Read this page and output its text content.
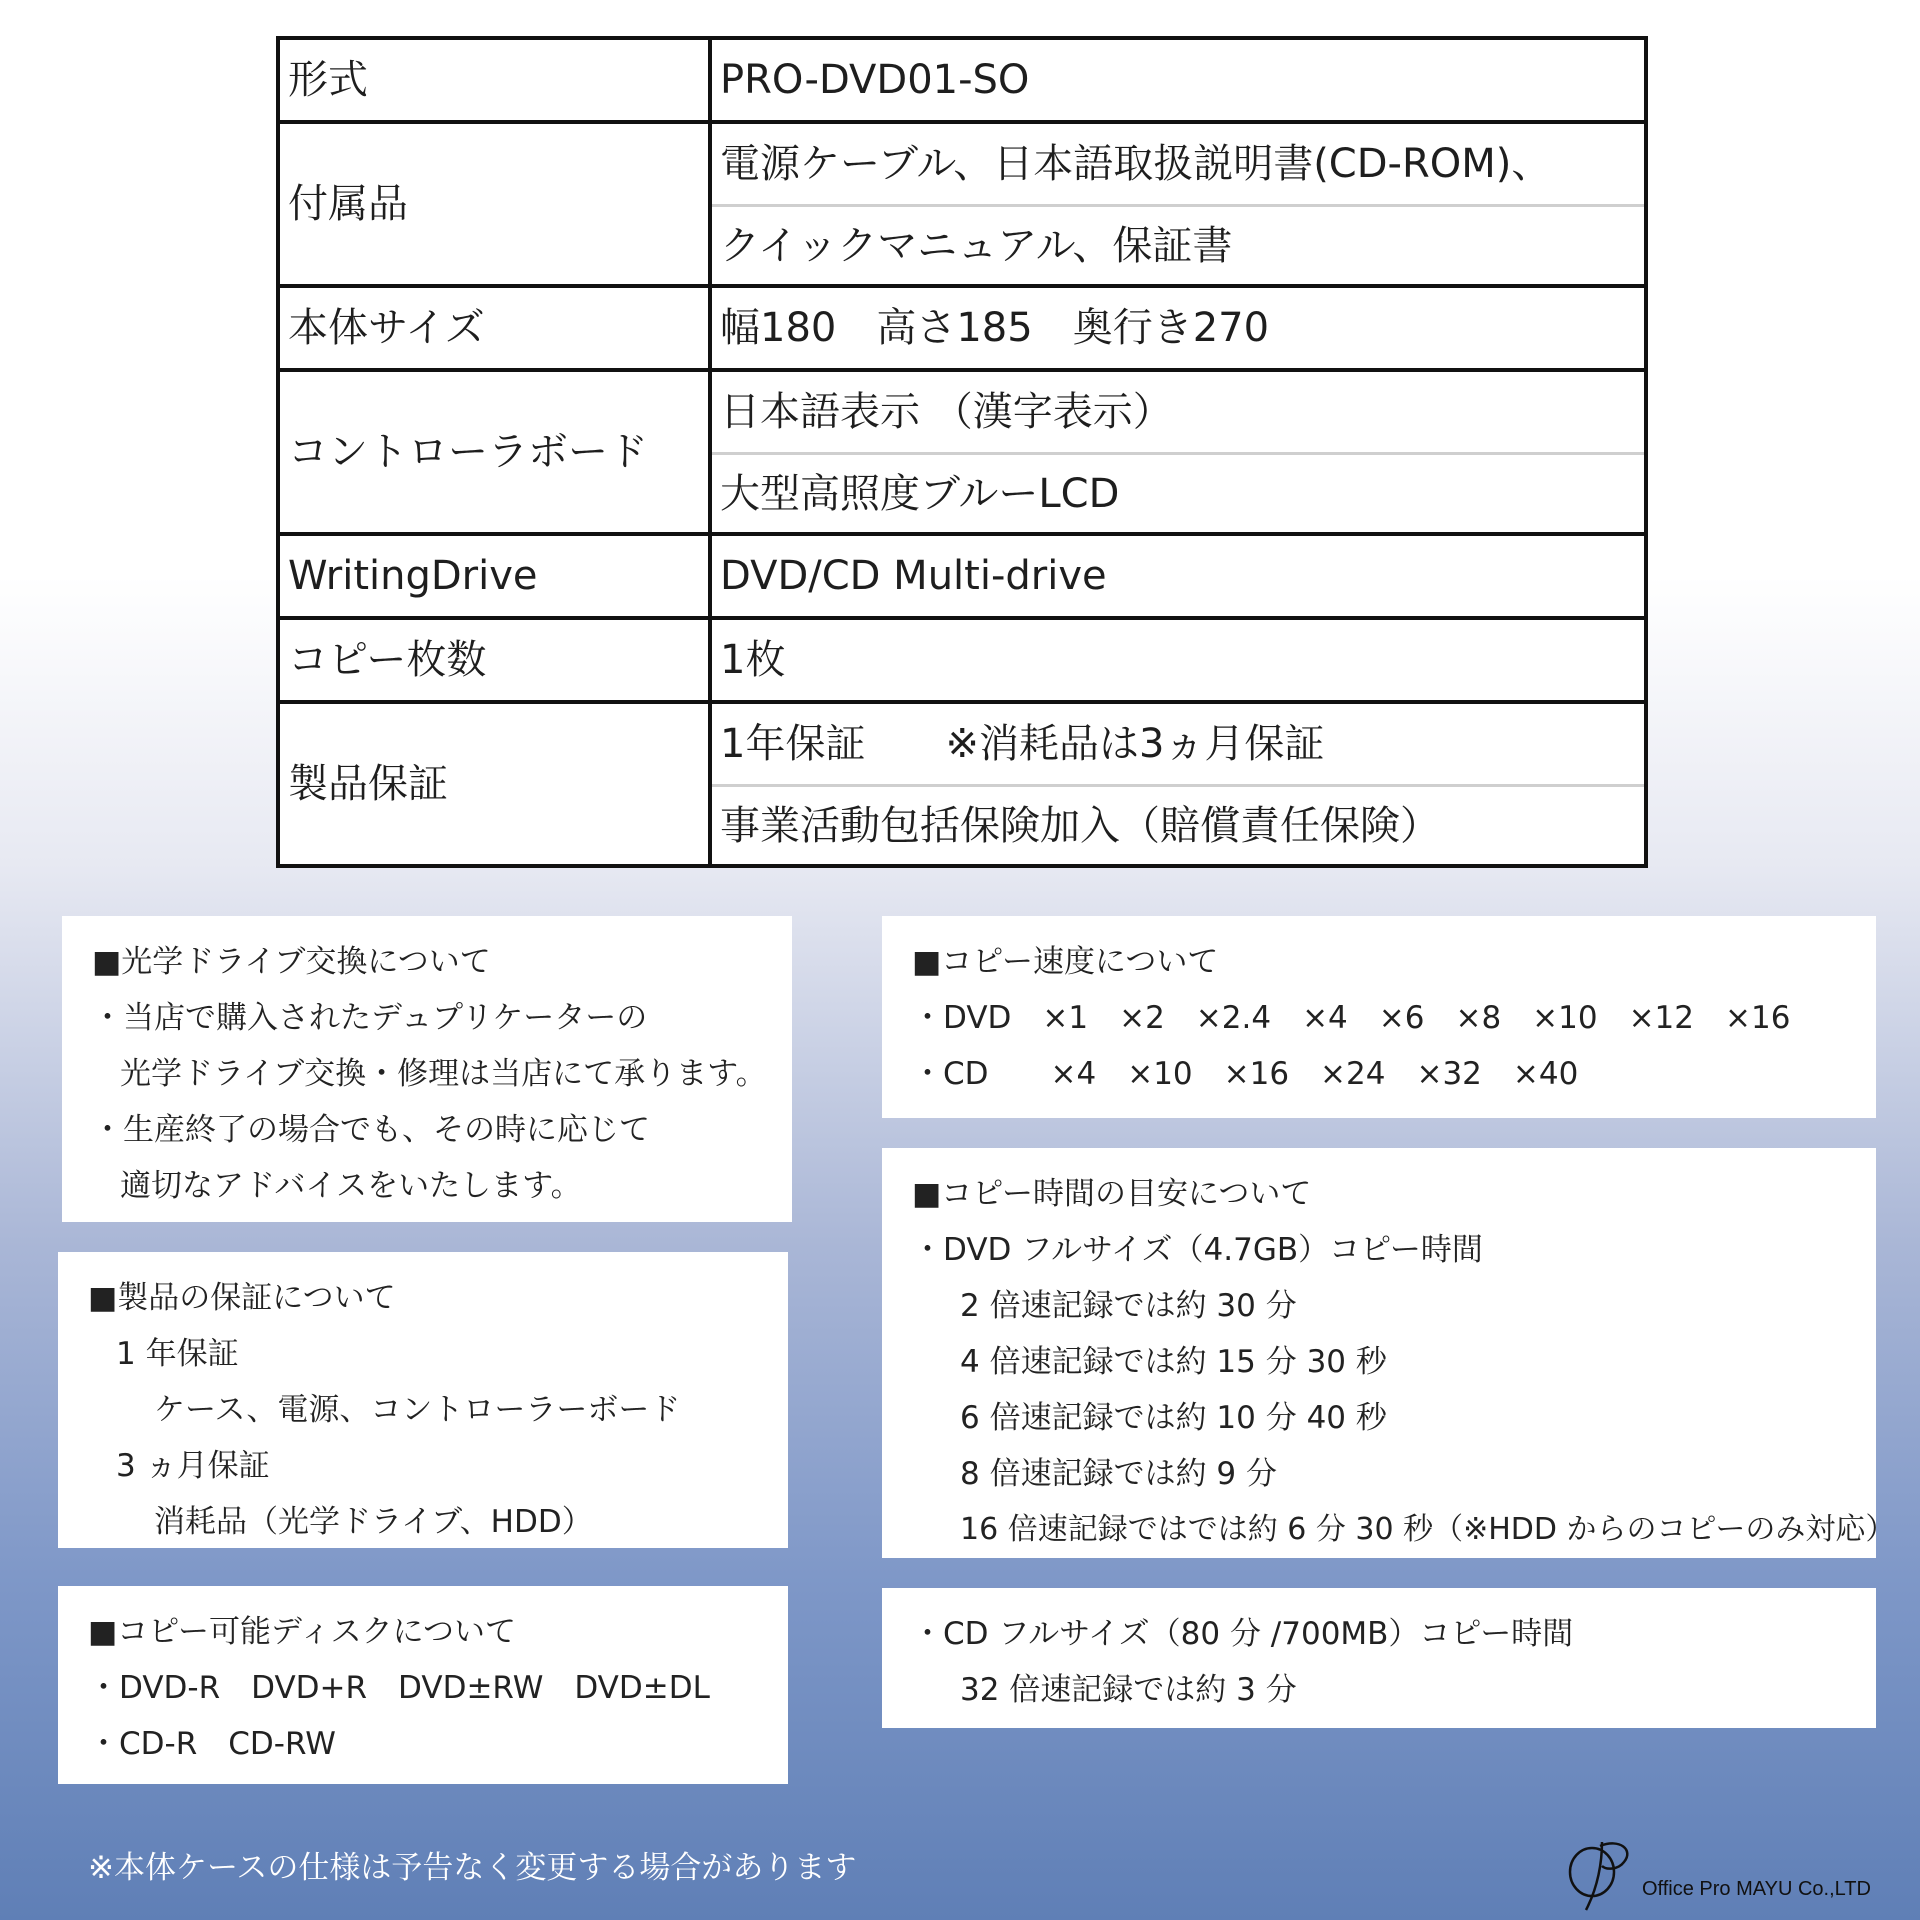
形式	PRO-DVD01-SO
付属品	電源ケーブル、日本語取扱説明書(CD-ROM)、
クイックマニュアル、保証書

本体サイズ	幅180　高さ185　奥行き270
コントローラボード	日本語表示 （漢字表示）
大型高照度ブルーLCD

WritingDrive	DVD/CD Multi-drive
コピー枚数	1枚
製品保証	1年保証　　※消耗品は3ヵ月保証
事業活動包括保険加入（賠償責任保険）
■光学ドライブ交換について
・当店で購入されたデュプリケーターの
光学ドライブ交換・修理は当店にて承ります。
・生産終了の場合でも、その時に応じて
適切なアドバイスをいたします。
■製品の保証について
1 年保証
ケース、電源、コントローラーボード
3 ヵ月保証
消耗品（光学ドライブ、HDD）
■コピー可能ディスクについて
・DVD-R　DVD+R　DVD±RW　DVD±DL
・CD-R　CD-RW
■コピー速度について
・DVD　×1　×2　×2.4　×4　×6　×8　×10　×12　×16
・CD　　×4　×10　×16　×24　×32　×40
■コピー時間の目安について
・DVD フルサイズ（4.7GB）コピー時間
2 倍速記録では約 30 分
4 倍速記録では約 15 分 30 秒
6 倍速記録では約 10 分 40 秒
8 倍速記録では約 9 分
16 倍速記録ではでは約 6 分 30 秒（※HDD からのコピーのみ対応）
・CD フルサイズ（80 分 /700MB）コピー時間
32 倍速記録では約 3 分
※本体ケースの仕様は予告なく変更する場合があります
Office Pro MAYU Co.,LTD
